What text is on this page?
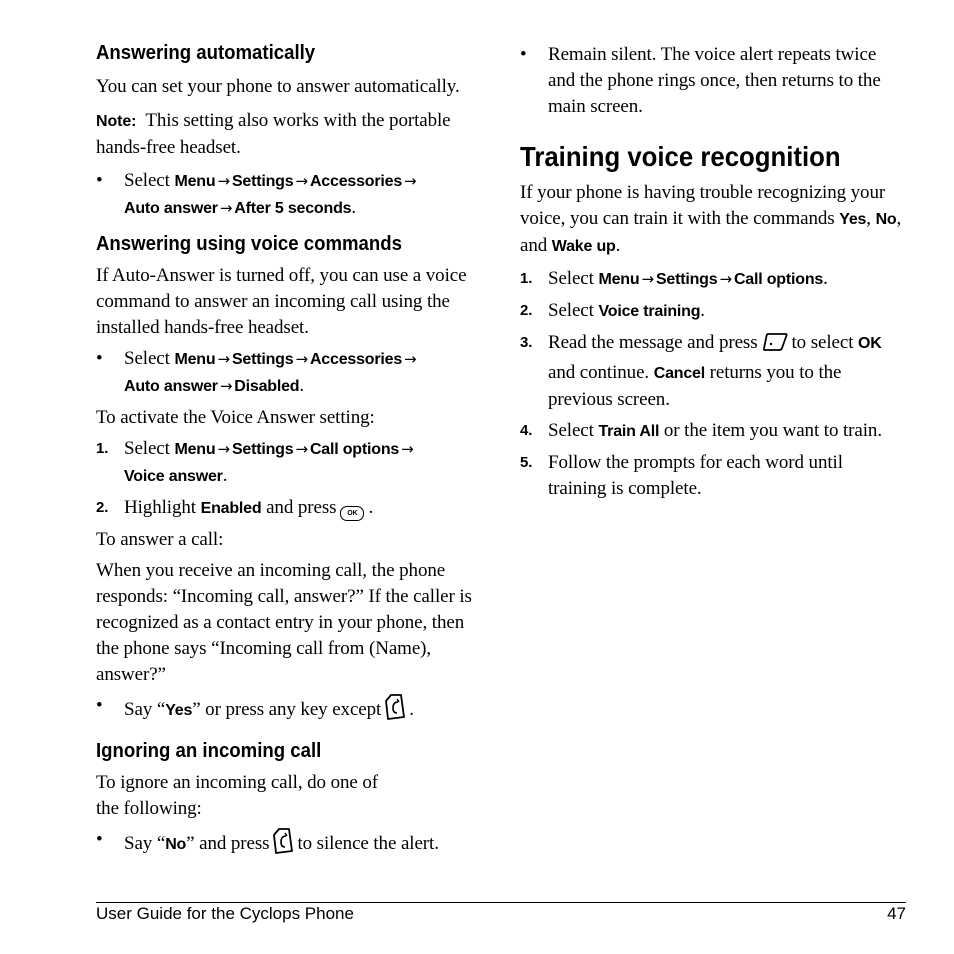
Answering automatically

You can set your phone to answer automatically.

Note: This setting also works with the portable hands-free headset.

• Select Menu → Settings → Accessories →
Auto answer → After 5 seconds.
Answering using voice commands

If Auto-Answer is turned off, you can use a voice command to answer an incoming call using the installed hands-free headset.

• Select Menu → Settings → Accessories →
Auto answer → Disabled.

To activate the Voice Answer setting:

1. Select Menu → Settings → Call options →
Voice answer.
2. Highlight Enabled and press OK .

To answer a call:

When you receive an incoming call, the phone responds: “Incoming call, answer?” If the caller is recognized as a contact entry in your phone, then the phone says “Incoming call from (Name), answer?”

• Say “Yes” or press any key except .
Ignoring an incoming call

To ignore an incoming call, do one of the following:

• Say “No” and press to silence the alert.
• Remain silent. The voice alert repeats twice and the phone rings once, then returns to the main screen.
Training voice recognition

If your phone is having trouble recognizing your voice, you can train it with the commands Yes, No, and Wake up.

1. Select Menu → Settings → Call options.
2. Select Voice training.
3. Read the message and press to select OK
and continue. Cancel returns you to the previous screen.
4. Select Train All or the item you want to train.
5. Follow the prompts for each word until training is complete.
User Guide for the Cyclops Phone	47
